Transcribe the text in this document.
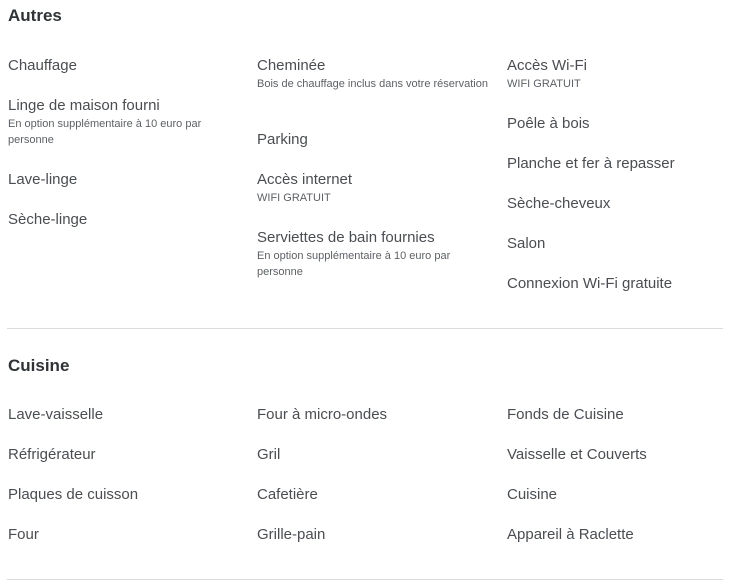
Autres
Chauffage
Linge de maison fourni
En option supplémentaire à 10 euro par personne
Lave-linge
Sèche-linge
Cheminée
Bois de chauffage inclus dans votre réservation
Parking
Accès internet
WIFI GRATUIT
Serviettes de bain fournies
En option supplémentaire à 10 euro par personne
Accès Wi-Fi
WIFI GRATUIT
Poêle à bois
Planche et fer à repasser
Sèche-cheveux
Salon
Connexion Wi-Fi gratuite
Cuisine
Lave-vaisselle
Réfrigérateur
Plaques de cuisson
Four
Four à micro-ondes
Gril
Cafetière
Grille-pain
Fonds de Cuisine
Vaisselle et Couverts
Cuisine
Appareil à Raclette
